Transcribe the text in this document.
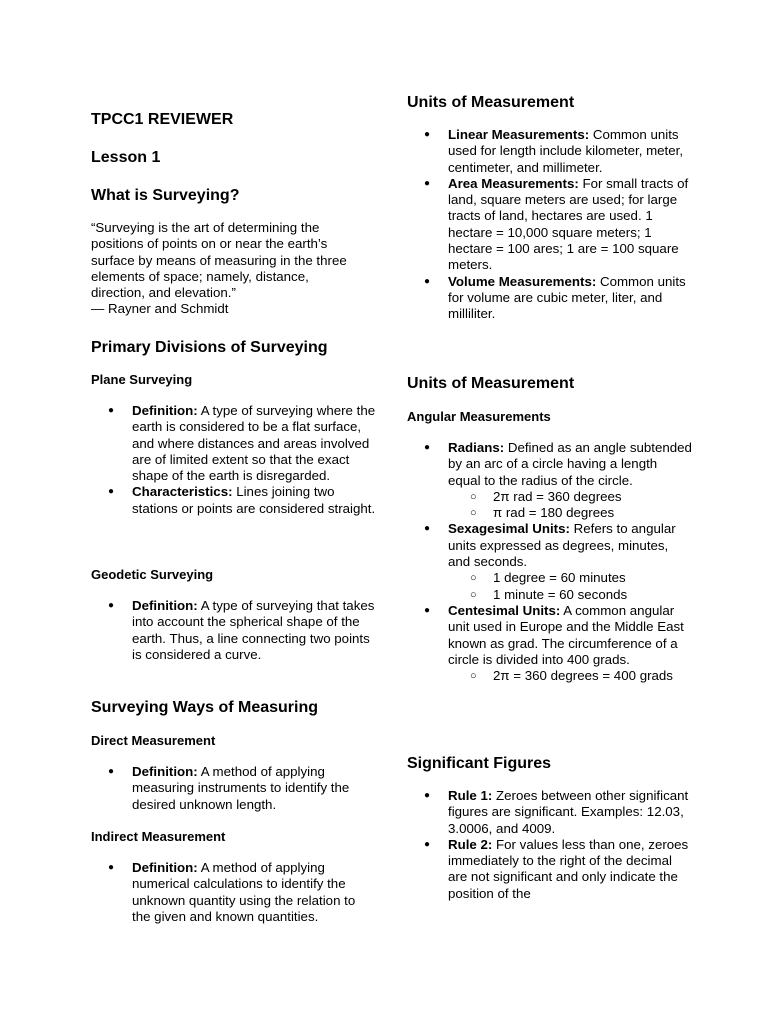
TPCC1 REVIEWER
Lesson 1
What is Surveying?
“Surveying is the art of determining the positions of points on or near the earth’s surface by means of measuring in the three elements of space; namely, distance, direction, and elevation.”
— Rayner and Schmidt
Primary Divisions of Surveying
Plane Surveying
● Definition: A type of surveying where the earth is considered to be a flat surface, and where distances and areas involved are of limited extent so that the exact shape of the earth is disregarded.
● Characteristics: Lines joining two stations or points are considered straight.
Geodetic Surveying
● Definition: A type of surveying that takes into account the spherical shape of the earth. Thus, a line connecting two points is considered a curve.
Surveying Ways of Measuring
Direct Measurement
● Definition: A method of applying measuring instruments to identify the desired unknown length.
Indirect Measurement
● Definition: A method of applying numerical calculations to identify the unknown quantity using the relation to the given and known quantities.
Units of Measurement
● Linear Measurements: Common units used for length include kilometer, meter, centimeter, and millimeter.
● Area Measurements: For small tracts of land, square meters are used; for large tracts of land, hectares are used. 1 hectare = 10,000 square meters; 1 hectare = 100 ares; 1 are = 100 square meters.
● Volume Measurements: Common units for volume are cubic meter, liter, and milliliter.
Units of Measurement
Angular Measurements
● Radians: Defined as an angle subtended by an arc of a circle having a length equal to the radius of the circle.
○ 2π rad = 360 degrees
○ π rad = 180 degrees
● Sexagesimal Units: Refers to angular units expressed as degrees, minutes, and seconds.
○ 1 degree = 60 minutes
○ 1 minute = 60 seconds
● Centesimal Units: A common angular unit used in Europe and the Middle East known as grad. The circumference of a circle is divided into 400 grads.
○ 2π = 360 degrees = 400 grads
Significant Figures
● Rule 1: Zeroes between other significant figures are significant. Examples: 12.03, 3.0006, and 4009.
● Rule 2: For values less than one, zeroes immediately to the right of the decimal are not significant and only indicate the position of the
